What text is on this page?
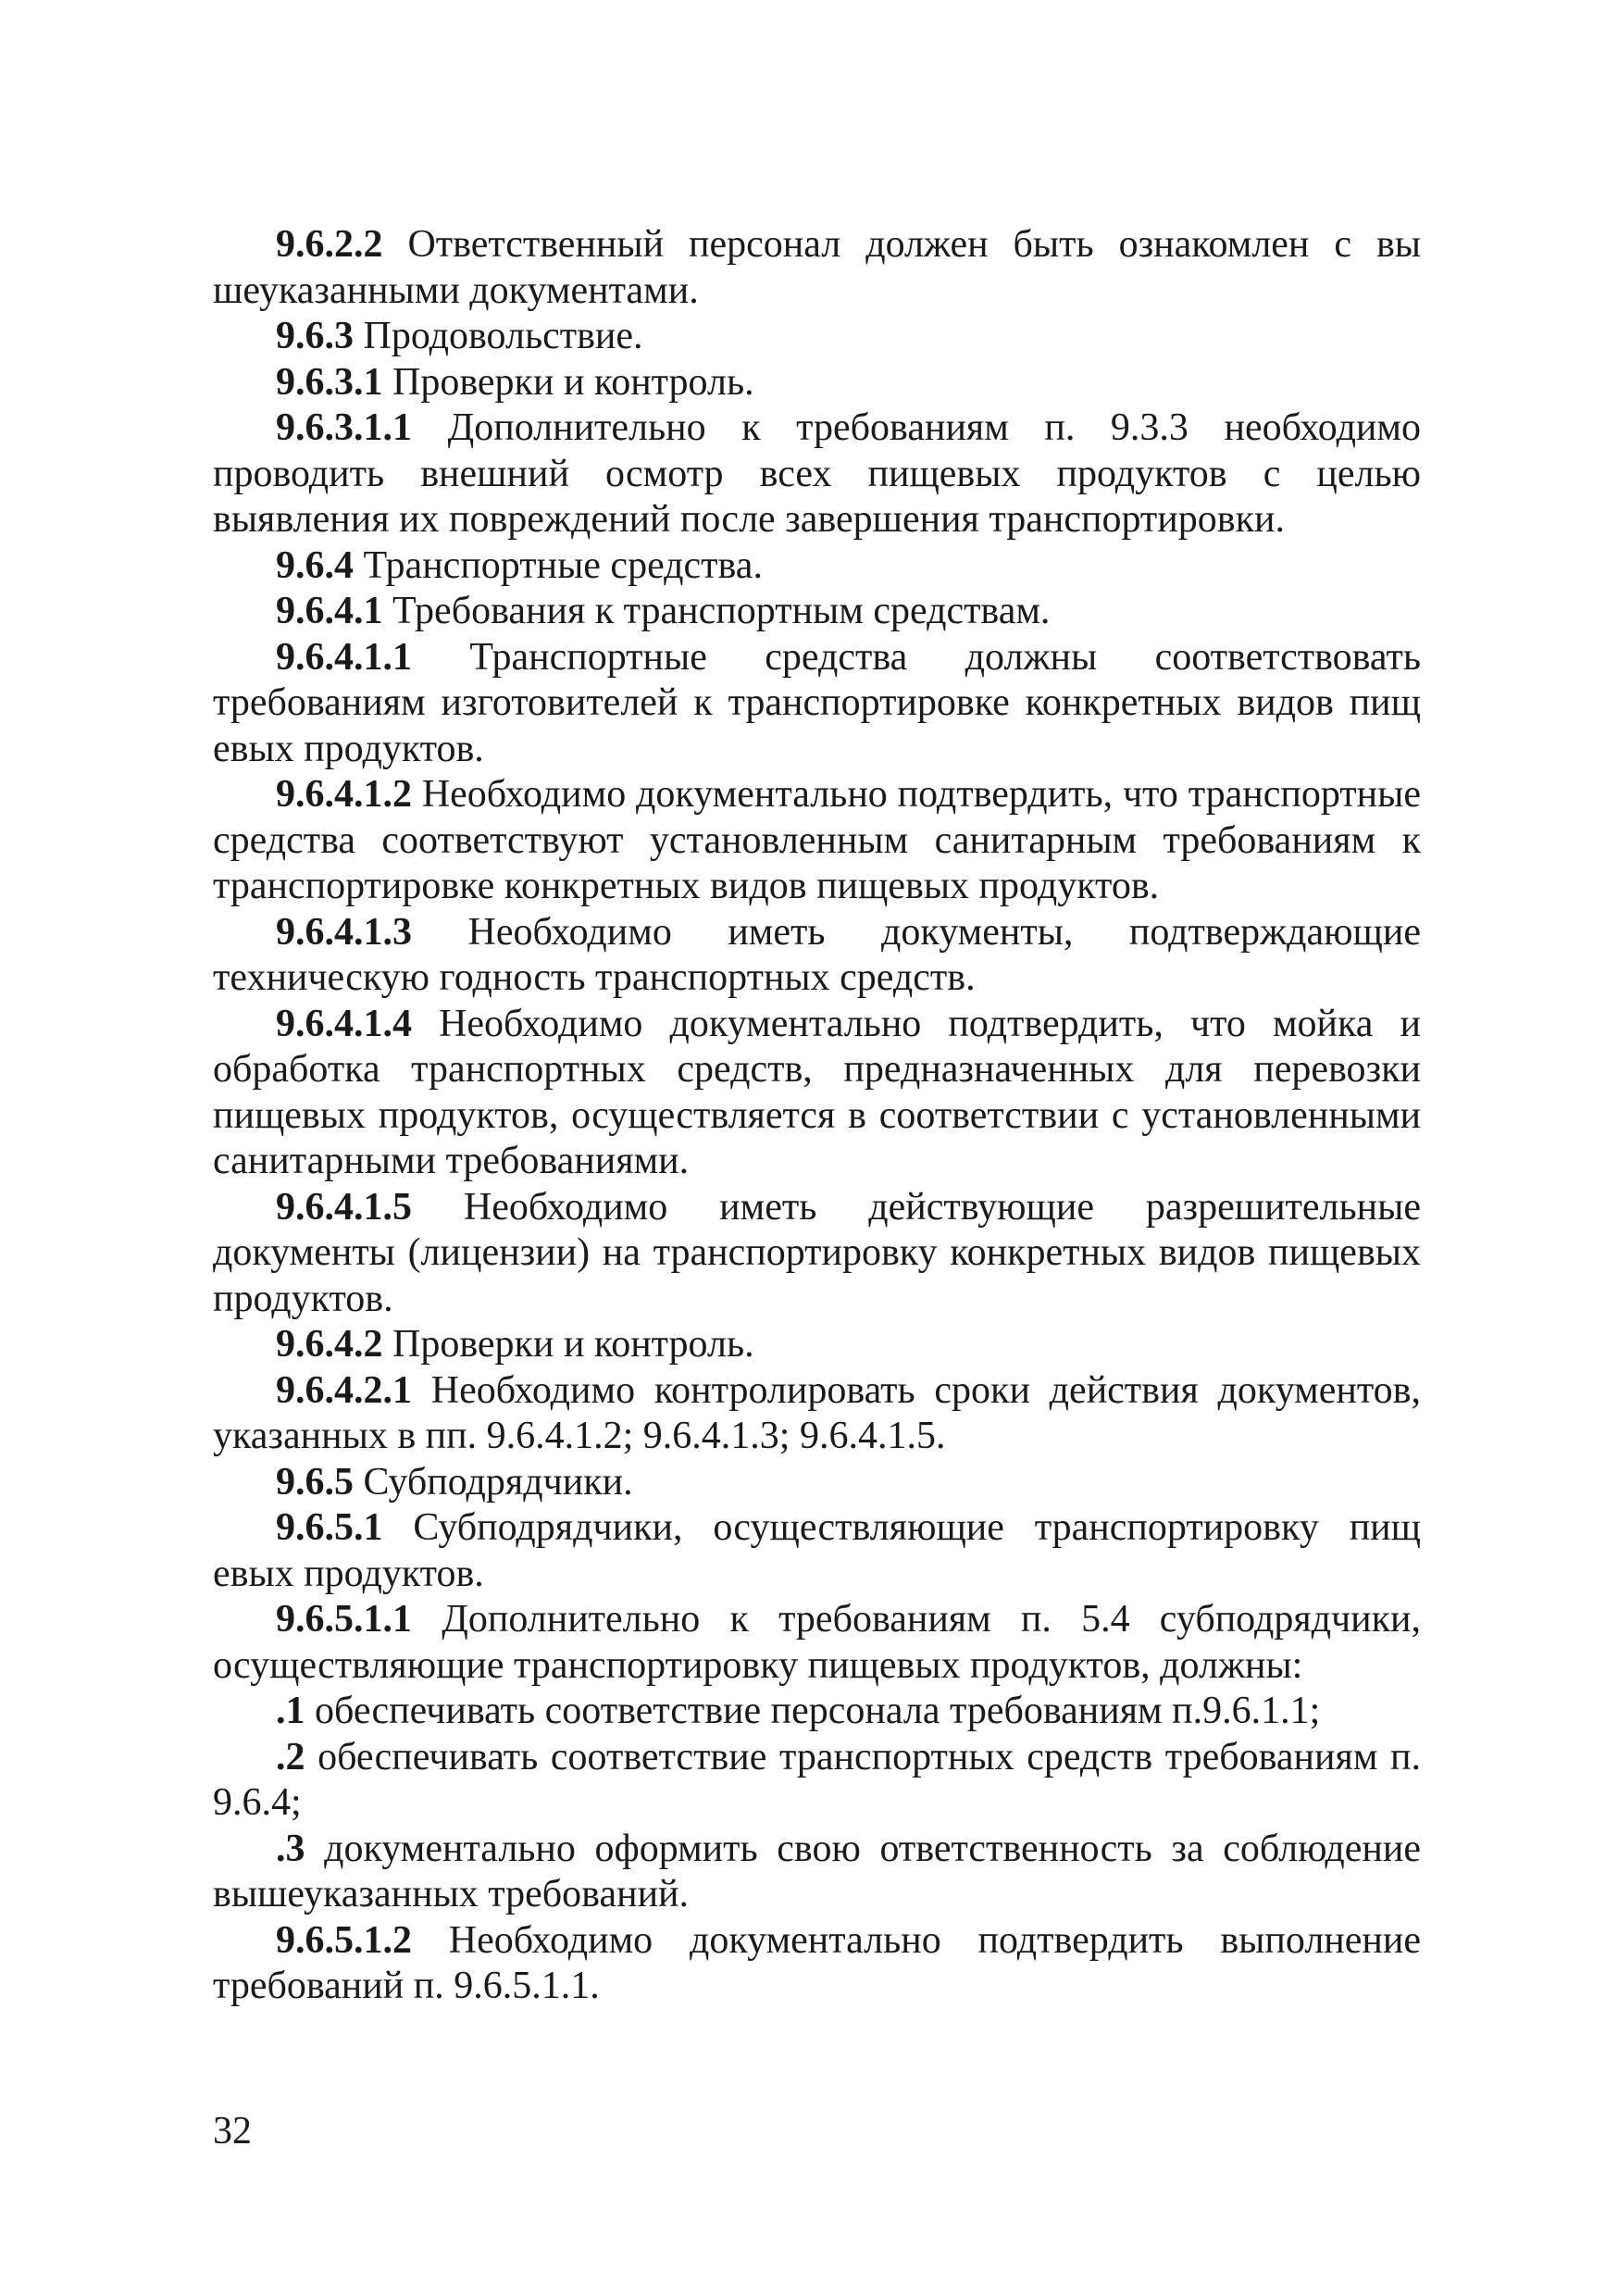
9.6.2.2 Ответственный персонал должен быть ознакомлен с вы шеуказанными документами.

9.6.3 Продовольствие.

9.6.3.1 Проверки и контроль.

9.6.3.1.1 Дополнительно к требованиям п. 9.3.3 необходимо проводить внешний осмотр всех пищевых продуктов с целью выявления их повреждений после завершения транспортировки.

9.6.4 Транспортные средства.

9.6.4.1 Требования к транспортным средствам.

9.6.4.1.1 Транспортные средства должны соответствовать требованиям изготовителей к транспортировке конкретных видов пищ евых продуктов.

9.6.4.1.2 Необходимо документально подтвердить, что транспортные средства соответствуют установленным санитарным требованиям к транспортировке конкретных видов пищевых продуктов.

9.6.4.1.3 Необходимо иметь документы, подтверждающие техническую годность транспортных средств.

9.6.4.1.4 Необходимо документально подтвердить, что мойка и обработка транспортных средств, предназначенных для перевозки пищевых продуктов, осуществляется в соответствии с установленными санитарными требованиями.

9.6.4.1.5 Необходимо иметь действующие разрешительные документы (лицензии) на транспортировку конкретных видов пищевых продуктов.

9.6.4.2 Проверки и контроль.

9.6.4.2.1 Необходимо контролировать сроки действия документов, указанных в пп. 9.6.4.1.2; 9.6.4.1.3; 9.6.4.1.5.

9.6.5 Субподрядчики.

9.6.5.1 Субподрядчики, осуществляющие транспортировку пищ евых продуктов.

9.6.5.1.1 Дополнительно к требованиям п. 5.4 субподрядчики, осуществляющие транспортировку пищевых продуктов, должны:

.1 обеспечивать соответствие персонала требованиям п.9.6.1.1;

.2 обеспечивать соответствие транспортных средств требованиям п. 9.6.4;

.3 документально оформить свою ответственность за соблюдение вышеуказанных требований.

9.6.5.1.2 Необходимо документально подтвердить выполнение требований п. 9.6.5.1.1.

32
